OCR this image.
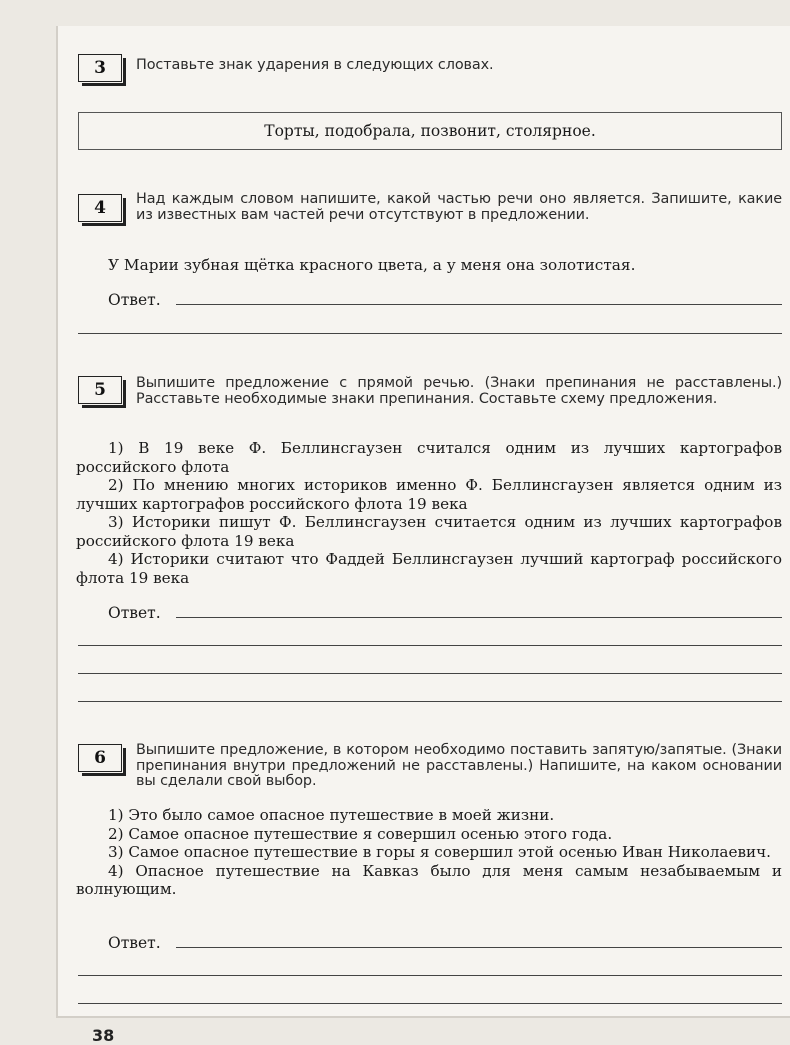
3	Поставьте знак ударения в следующих словах.

Торты, подобрала, позвонит, столярное.
4	Над каждым словом напишите, какой частью речи оно является. Запишите, какие из известных вам частей речи отсутствуют в предложении.

У Марии зубная щётка красного цвета, а у меня она золотистая.

Ответ.
5	Выпишите предложение с прямой речью. (Знаки препинания не расставлены.) Расставьте необходимые знаки препинания. Составьте схему предложения.

1) В 19 веке Ф. Беллинсгаузен считался одним из лучших картографов российского флота
2) По мнению многих историков именно Ф. Беллинсгаузен является одним из лучших картографов российского флота 19 века
3) Историки пишут Ф. Беллинсгаузен считается одним из лучших картографов российского флота 19 века
4) Историки считают что Фаддей Беллинсгаузен лучший картограф российского флота 19 века
Ответ.
6	Выпишите предложение, в котором необходимо поставить запятую/запятые. (Знаки препинания внутри предложений не расставлены.) Напишите, на каком основании вы сделали свой выбор.

1) Это было самое опасное путешествие в моей жизни.
2) Самое опасное путешествие я совершил осенью этого года.
3) Самое опасное путешествие в горы я совершил этой осенью Иван Николаевич.
4) Опасное путешествие на Кавказ было для меня самым незабываемым и волнующим.
Ответ.
38
